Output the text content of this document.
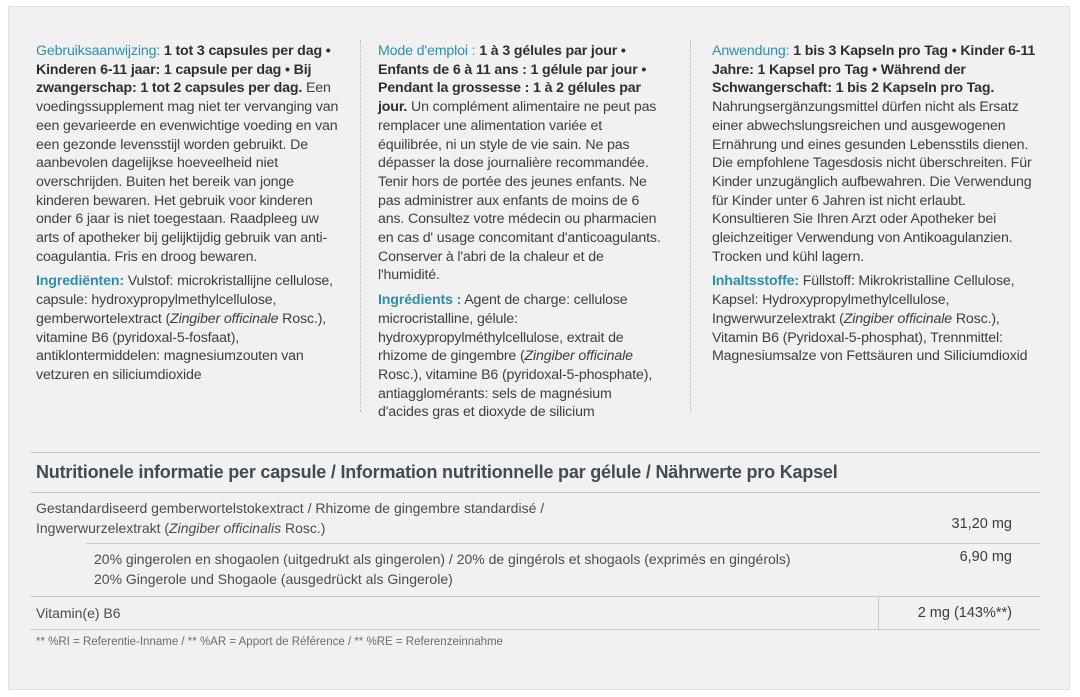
Gebruiksaanwijzing: 1 tot 3 capsules per dag • Kinderen 6-11 jaar: 1 capsule per dag • Bij zwangerschap: 1 tot 2 capsules per dag. Een voedingssupplement mag niet ter vervanging van een gevarieerde en evenwichtige voeding en van een gezonde levensstijl worden gebruikt. De aanbevolen dagelijkse hoeveelheid niet overschrijden. Buiten het bereik van jonge kinderen bewaren. Het gebruik voor kinderen onder 6 jaar is niet toegestaan. Raadpleeg uw arts of apotheker bij gelijktijdig gebruik van anti-coagulantia. Fris en droog bewaren.

Ingrediënten: Vulstof: microkristallijne cellulose, capsule: hydroxypropylmethylcellulose, gemberwortelextract (Zingiber officinale Rosc.), vitamine B6 (pyridoxal-5-fosfaat), antiklontermiddelen: magnesiumzouten van vetzuren en siliciumdioxide

Mode d'emploi : 1 à 3 gélules par jour • Enfants de 6 à 11 ans : 1 gélule par jour • Pendant la grossesse : 1 à 2 gélules par jour. Un complément alimentaire ne peut pas remplacer une alimentation variée et équilibrée, ni un style de vie sain. Ne pas dépasser la dose journalière recommandée. Tenir hors de portée des jeunes enfants. Ne pas administrer aux enfants de moins de 6 ans. Consultez votre médecin ou pharmacien en cas d' usage concomitant d'anticoagulants. Conserver à l'abri de la chaleur et de l'humidité.

Ingrédients : Agent de charge: cellulose microcristalline, gélule: hydroxypropylméthylcellulose, extrait de rhizome de gingembre (Zingiber officinale Rosc.), vitamine B6 (pyridoxal-5-phosphate), antiagglomérants: sels de magnésium d'acides gras et dioxyde de silicium

Anwendung: 1 bis 3 Kapseln pro Tag • Kinder 6-11 Jahre: 1 Kapsel pro Tag • Während der Schwangerschaft: 1 bis 2 Kapseln pro Tag. Nahrungsergänzungsmittel dürfen nicht als Ersatz einer abwechslungsreichen und ausgewogenen Ernährung und eines gesunden Lebensstils dienen. Die empfohlene Tagesdosis nicht überschreiten. Für Kinder unzugänglich aufbewahren. Die Verwendung für Kinder unter 6 Jahren ist nicht erlaubt. Konsultieren Sie Ihren Arzt oder Apotheker bei gleichzeitiger Verwendung von Antikoagulanzien. Trocken und kühl lagern.

Inhaltsstoffe: Füllstoff: Mikrokristalline Cellulose, Kapsel: Hydroxypropylmethylcellulose, Ingwerwurzelextrakt (Zingiber officinale Rosc.), Vitamin B6 (Pyridoxal-5-phosphat), Trennmittel: Magnesiumsalze von Fettsäuren und Siliciumdioxid

Nutritionele informatie per capsule / Information nutritionnelle par gélule / Nährwerte pro Kapsel
Gestandardiseerd gemberwortelstokextract / Rhizome de gingembre standardisé /
Ingwerwurzelextrakt (Zingiber officinalis Rosc.)	31,20 mg
20% gingerolen en shogaolen (uitgedrukt als gingerolen) / 20% de gingérols et shogaols (exprimés en gingérols)
20% Gingerole und Shogaole (ausgedrückt als Gingerole)
6,90 mg
Vitamin(e) B6	2 mg (143%**)
** %RI = Referentie-Inname / ** %AR = Apport de Référence / ** %RE = Referenzeinnahme
